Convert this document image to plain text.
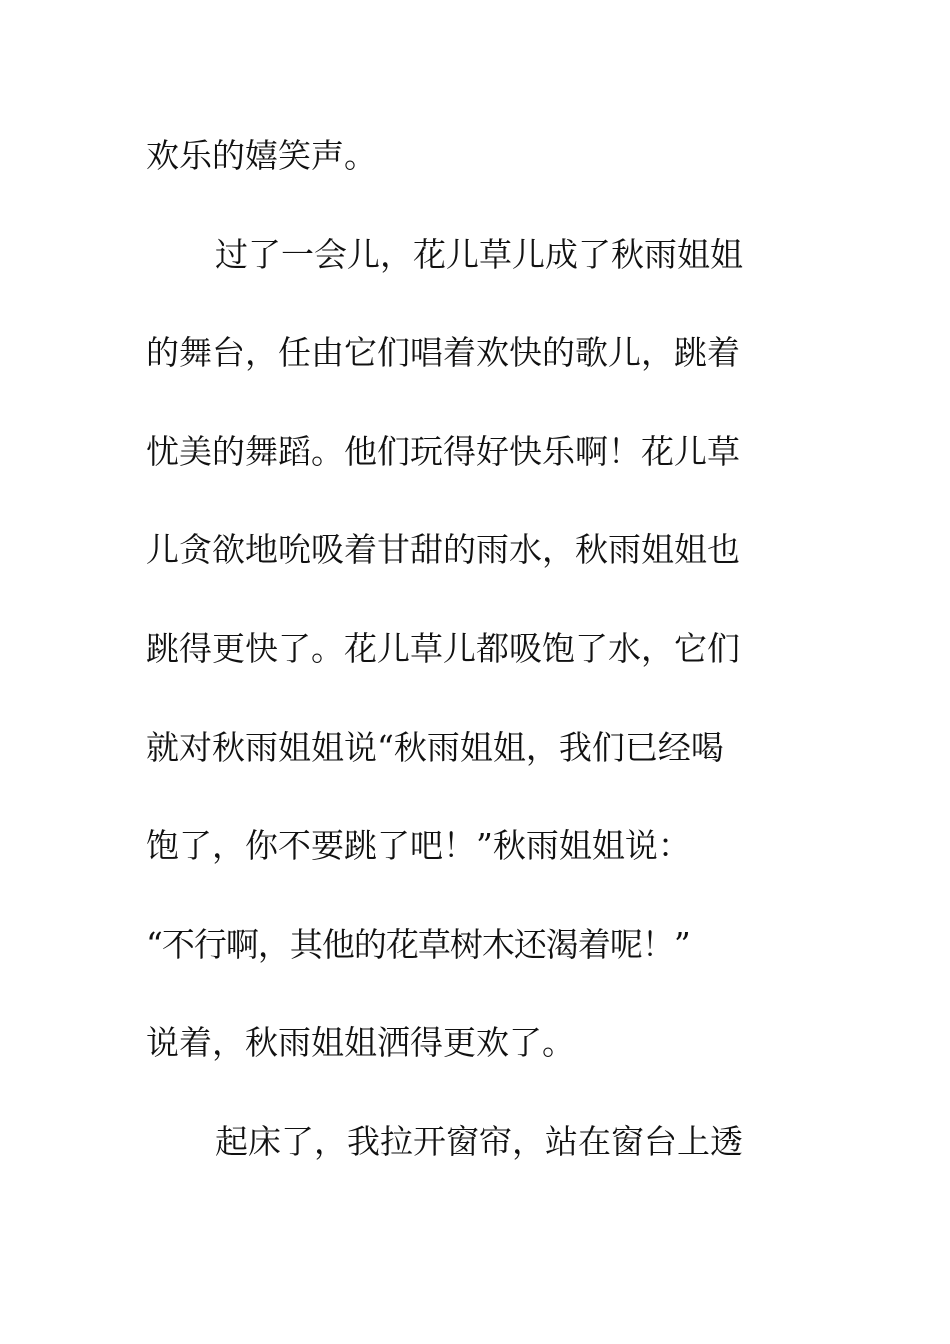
欢乐的嬉笑声。
过了一会儿，花儿草儿成了秋雨姐姐
的舞台，任由它们唱着欢快的歌儿，跳着
忧美的舞蹈。他们玩得好快乐啊！花儿草
儿贪欲地吮吸着甘甜的雨水，秋雨姐姐也
跳得更快了。花儿草儿都吸饱了水，它们
就对秋雨姐姐说“秋雨姐姐，我们已经喝
饱了，你不要跳了吧！”秋雨姐姐说：
“不行啊，其他的花草树木还渴着呢！”
说着，秋雨姐姐洒得更欢了。
起床了，我拉开窗帘，站在窗台上透
